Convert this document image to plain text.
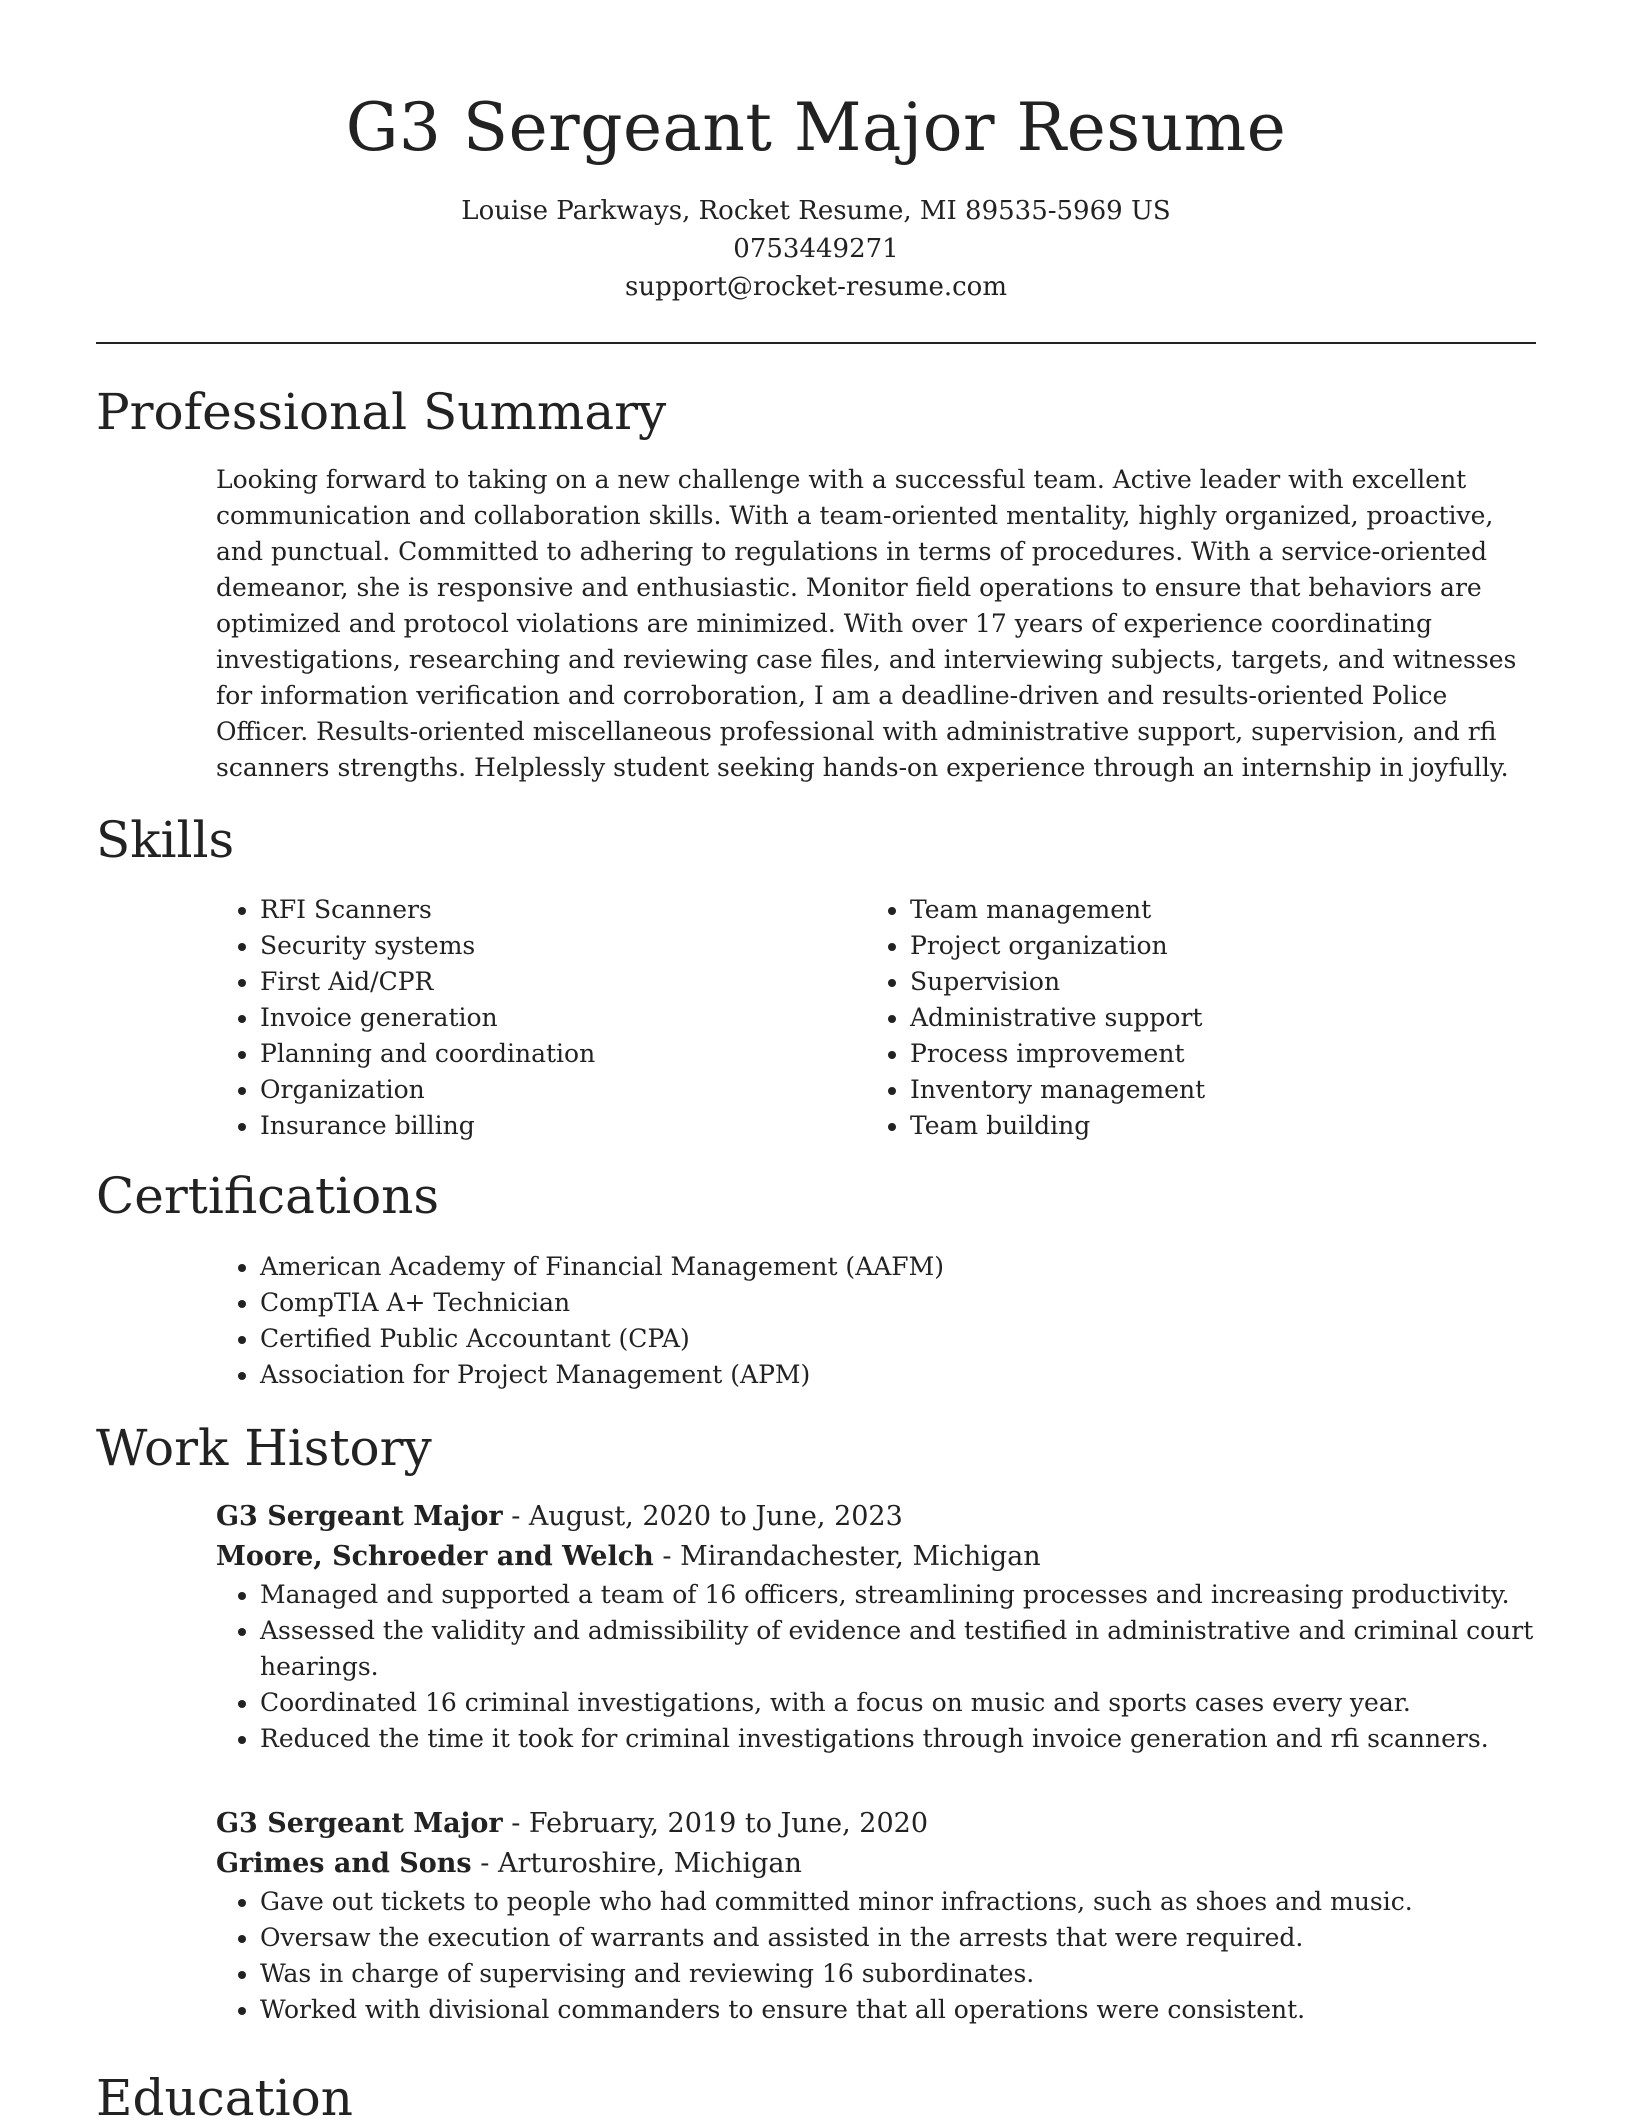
G3 Sergeant Major Resume
Louise Parkways, Rocket Resume, MI 89535-5969 US
0753449271
support@rocket-resume.com
Professional Summary

Looking forward to taking on a new challenge with a successful team. Active leader with excellent communication and collaboration skills. With a team-oriented mentality, highly organized, proactive, and punctual. Committed to adhering to regulations in terms of procedures. With a service-oriented demeanor, she is responsive and enthusiastic. Monitor field operations to ensure that behaviors are optimized and protocol violations are minimized. With over 17 years of experience coordinating investigations, researching and reviewing case files, and interviewing subjects, targets, and witnesses for information verification and corroboration, I am a deadline-driven and results-oriented Police Officer. Results-oriented miscellaneous professional with administrative support, supervision, and rfi scanners strengths. Helplessly student seeking hands-on experience through an internship in joyfully.

Skills
• RFI Scanners
• Security systems
• First Aid/CPR
• Invoice generation
• Planning and coordination
• Organization
• Insurance billing
• Team management
• Project organization
• Supervision
• Administrative support
• Process improvement
• Inventory management
• Team building
Certifications
• American Academy of Financial Management (AAFM)
• CompTIA A+ Technician
• Certified Public Accountant (CPA)
• Association for Project Management (APM)
Work History
G3 Sergeant Major - August, 2020 to June, 2023
Moore, Schroeder and Welch - Mirandachester, Michigan
• Managed and supported a team of 16 officers, streamlining processes and increasing productivity.
• Assessed the validity and admissibility of evidence and testified in administrative and criminal court hearings.
• Coordinated 16 criminal investigations, with a focus on music and sports cases every year.
• Reduced the time it took for criminal investigations through invoice generation and rfi scanners.
G3 Sergeant Major - February, 2019 to June, 2020
Grimes and Sons - Arturoshire, Michigan
• Gave out tickets to people who had committed minor infractions, such as shoes and music.
• Oversaw the execution of warrants and assisted in the arrests that were required.
• Was in charge of supervising and reviewing 16 subordinates.
• Worked with divisional commanders to ensure that all operations were consistent.
Education
